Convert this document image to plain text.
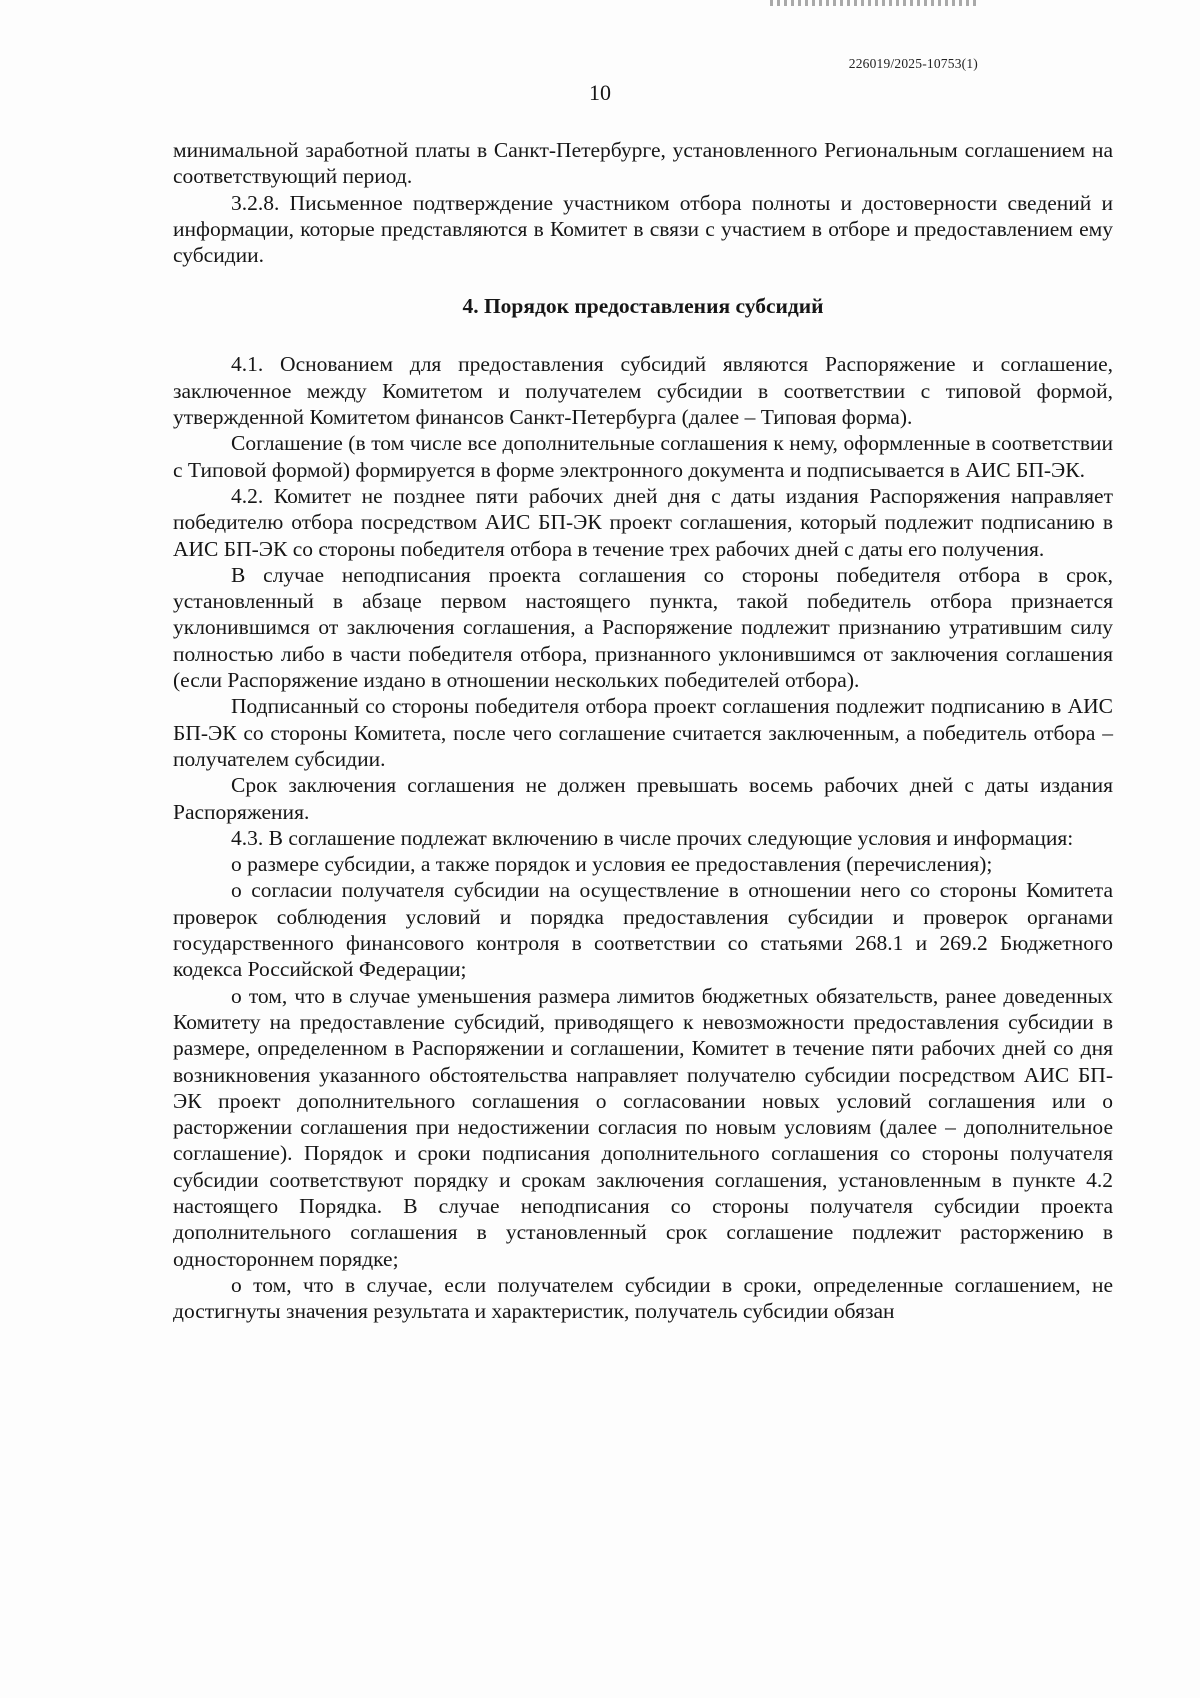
226019/2025-10753(1)
10

минимальной заработной платы в Санкт-Петербурге, установленного Региональным соглашением на соответствующий период.

3.2.8. Письменное подтверждение участником отбора полноты и достоверности сведений и информации, которые представляются в Комитет в связи с участием в отборе и предоставлением ему субсидии.

4. Порядок предоставления субсидий

4.1. Основанием для предоставления субсидий являются Распоряжение и соглашение, заключенное между Комитетом и получателем субсидии в соответствии с типовой формой, утвержденной Комитетом финансов Санкт-Петербурга (далее – Типовая форма).

Соглашение (в том числе все дополнительные соглашения к нему, оформленные в соответствии с Типовой формой) формируется в форме электронного документа и подписывается в АИС БП-ЭК.

4.2. Комитет не позднее пяти рабочих дней дня с даты издания Распоряжения направляет победителю отбора посредством АИС БП-ЭК проект соглашения, который подлежит подписанию в АИС БП-ЭК со стороны победителя отбора в течение трех рабочих дней с даты его получения.

В случае неподписания проекта соглашения со стороны победителя отбора в срок, установленный в абзаце первом настоящего пункта, такой победитель отбора признается уклонившимся от заключения соглашения, а Распоряжение подлежит признанию утратившим силу полностью либо в части победителя отбора, признанного уклонившимся от заключения соглашения (если Распоряжение издано в отношении нескольких победителей отбора).

Подписанный со стороны победителя отбора проект соглашения подлежит подписанию в АИС БП-ЭК со стороны Комитета, после чего соглашение считается заключенным, а победитель отбора – получателем субсидии.

Срок заключения соглашения не должен превышать восемь рабочих дней с даты издания Распоряжения.

4.3. В соглашение подлежат включению в числе прочих следующие условия и информация:

о размере субсидии, а также порядок и условия ее предоставления (перечисления);

о согласии получателя субсидии на осуществление в отношении него со стороны Комитета проверок соблюдения условий и порядка предоставления субсидии и проверок органами государственного финансового контроля в соответствии со статьями 268.1 и 269.2 Бюджетного кодекса Российской Федерации;

о том, что в случае уменьшения размера лимитов бюджетных обязательств, ранее доведенных Комитету на предоставление субсидий, приводящего к невозможности предоставления субсидии в размере, определенном в Распоряжении и соглашении, Комитет в течение пяти рабочих дней со дня возникновения указанного обстоятельства направляет получателю субсидии посредством АИС БП-ЭК проект дополнительного соглашения о согласовании новых условий соглашения или о расторжении соглашения при недостижении согласия по новым условиям (далее – дополнительное соглашение). Порядок и сроки подписания дополнительного соглашения со стороны получателя субсидии соответствуют порядку и срокам заключения соглашения, установленным в пункте 4.2 настоящего Порядка. В случае неподписания со стороны получателя субсидии проекта дополнительного соглашения в установленный срок соглашение подлежит расторжению в одностороннем порядке;

о том, что в случае, если получателем субсидии в сроки, определенные соглашением, не достигнуты значения результата и характеристик, получатель субсидии обязан
